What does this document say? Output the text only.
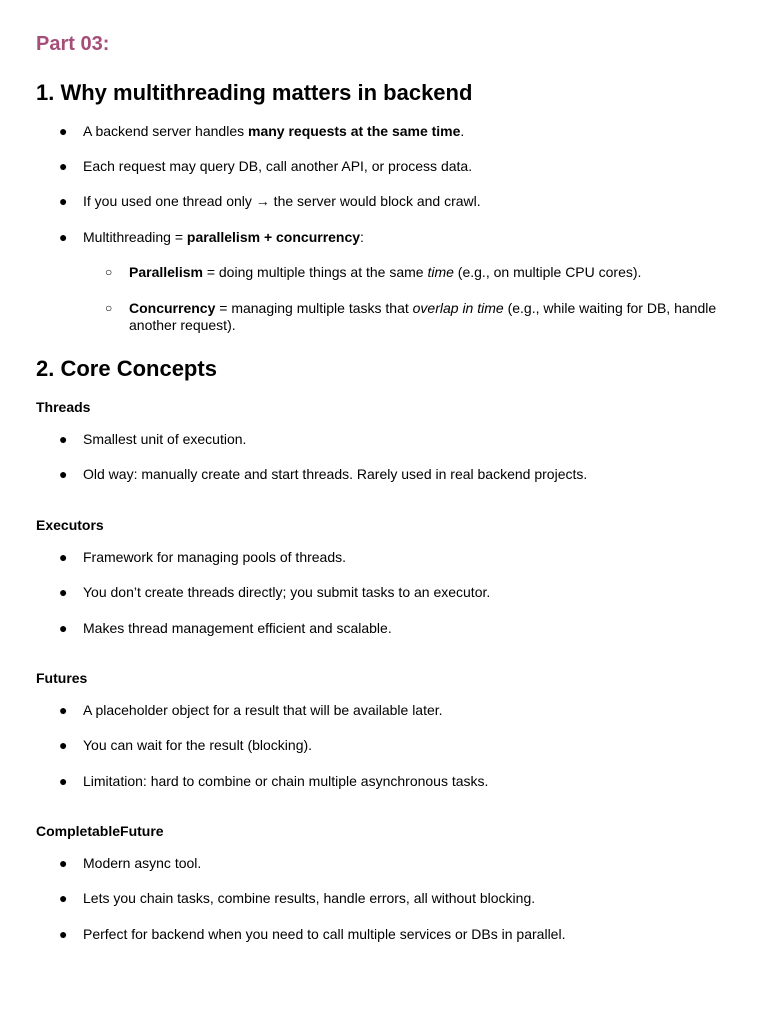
Part 03:
1. Why multithreading matters in backend
● A backend server handles many requests at the same time.
● Each request may query DB, call another API, or process data.
● If you used one thread only → the server would block and crawl.
● Multithreading = parallelism + concurrency:
○ Parallelism = doing multiple things at the same time (e.g., on multiple CPU cores).
○ Concurrency = managing multiple tasks that overlap in time (e.g., while waiting for DB, handle another request).
2. Core Concepts
Threads
● Smallest unit of execution.
● Old way: manually create and start threads. Rarely used in real backend projects.
Executors
● Framework for managing pools of threads.
● You don’t create threads directly; you submit tasks to an executor.
● Makes thread management efficient and scalable.
Futures
● A placeholder object for a result that will be available later.
● You can wait for the result (blocking).
● Limitation: hard to combine or chain multiple asynchronous tasks.
CompletableFuture
● Modern async tool.
● Lets you chain tasks, combine results, handle errors, all without blocking.
● Perfect for backend when you need to call multiple services or DBs in parallel.
